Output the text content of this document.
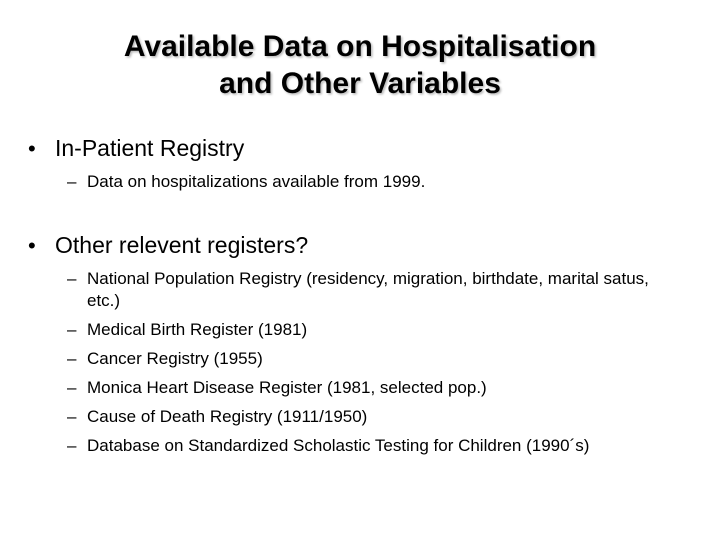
Available Data on Hospitalisation
and Other Variables
• In-Patient Registry
– Data on hospitalizations available from 1999.
• Other relevent registers?
– National Population Registry (residency, migration, birthdate, marital satus, etc.)
– Medical Birth Register (1981)
– Cancer Registry (1955)
– Monica Heart Disease Register (1981, selected pop.)
– Cause of Death Registry (1911/1950)
– Database on Standardized Scholastic Testing for Children (1990´s)
